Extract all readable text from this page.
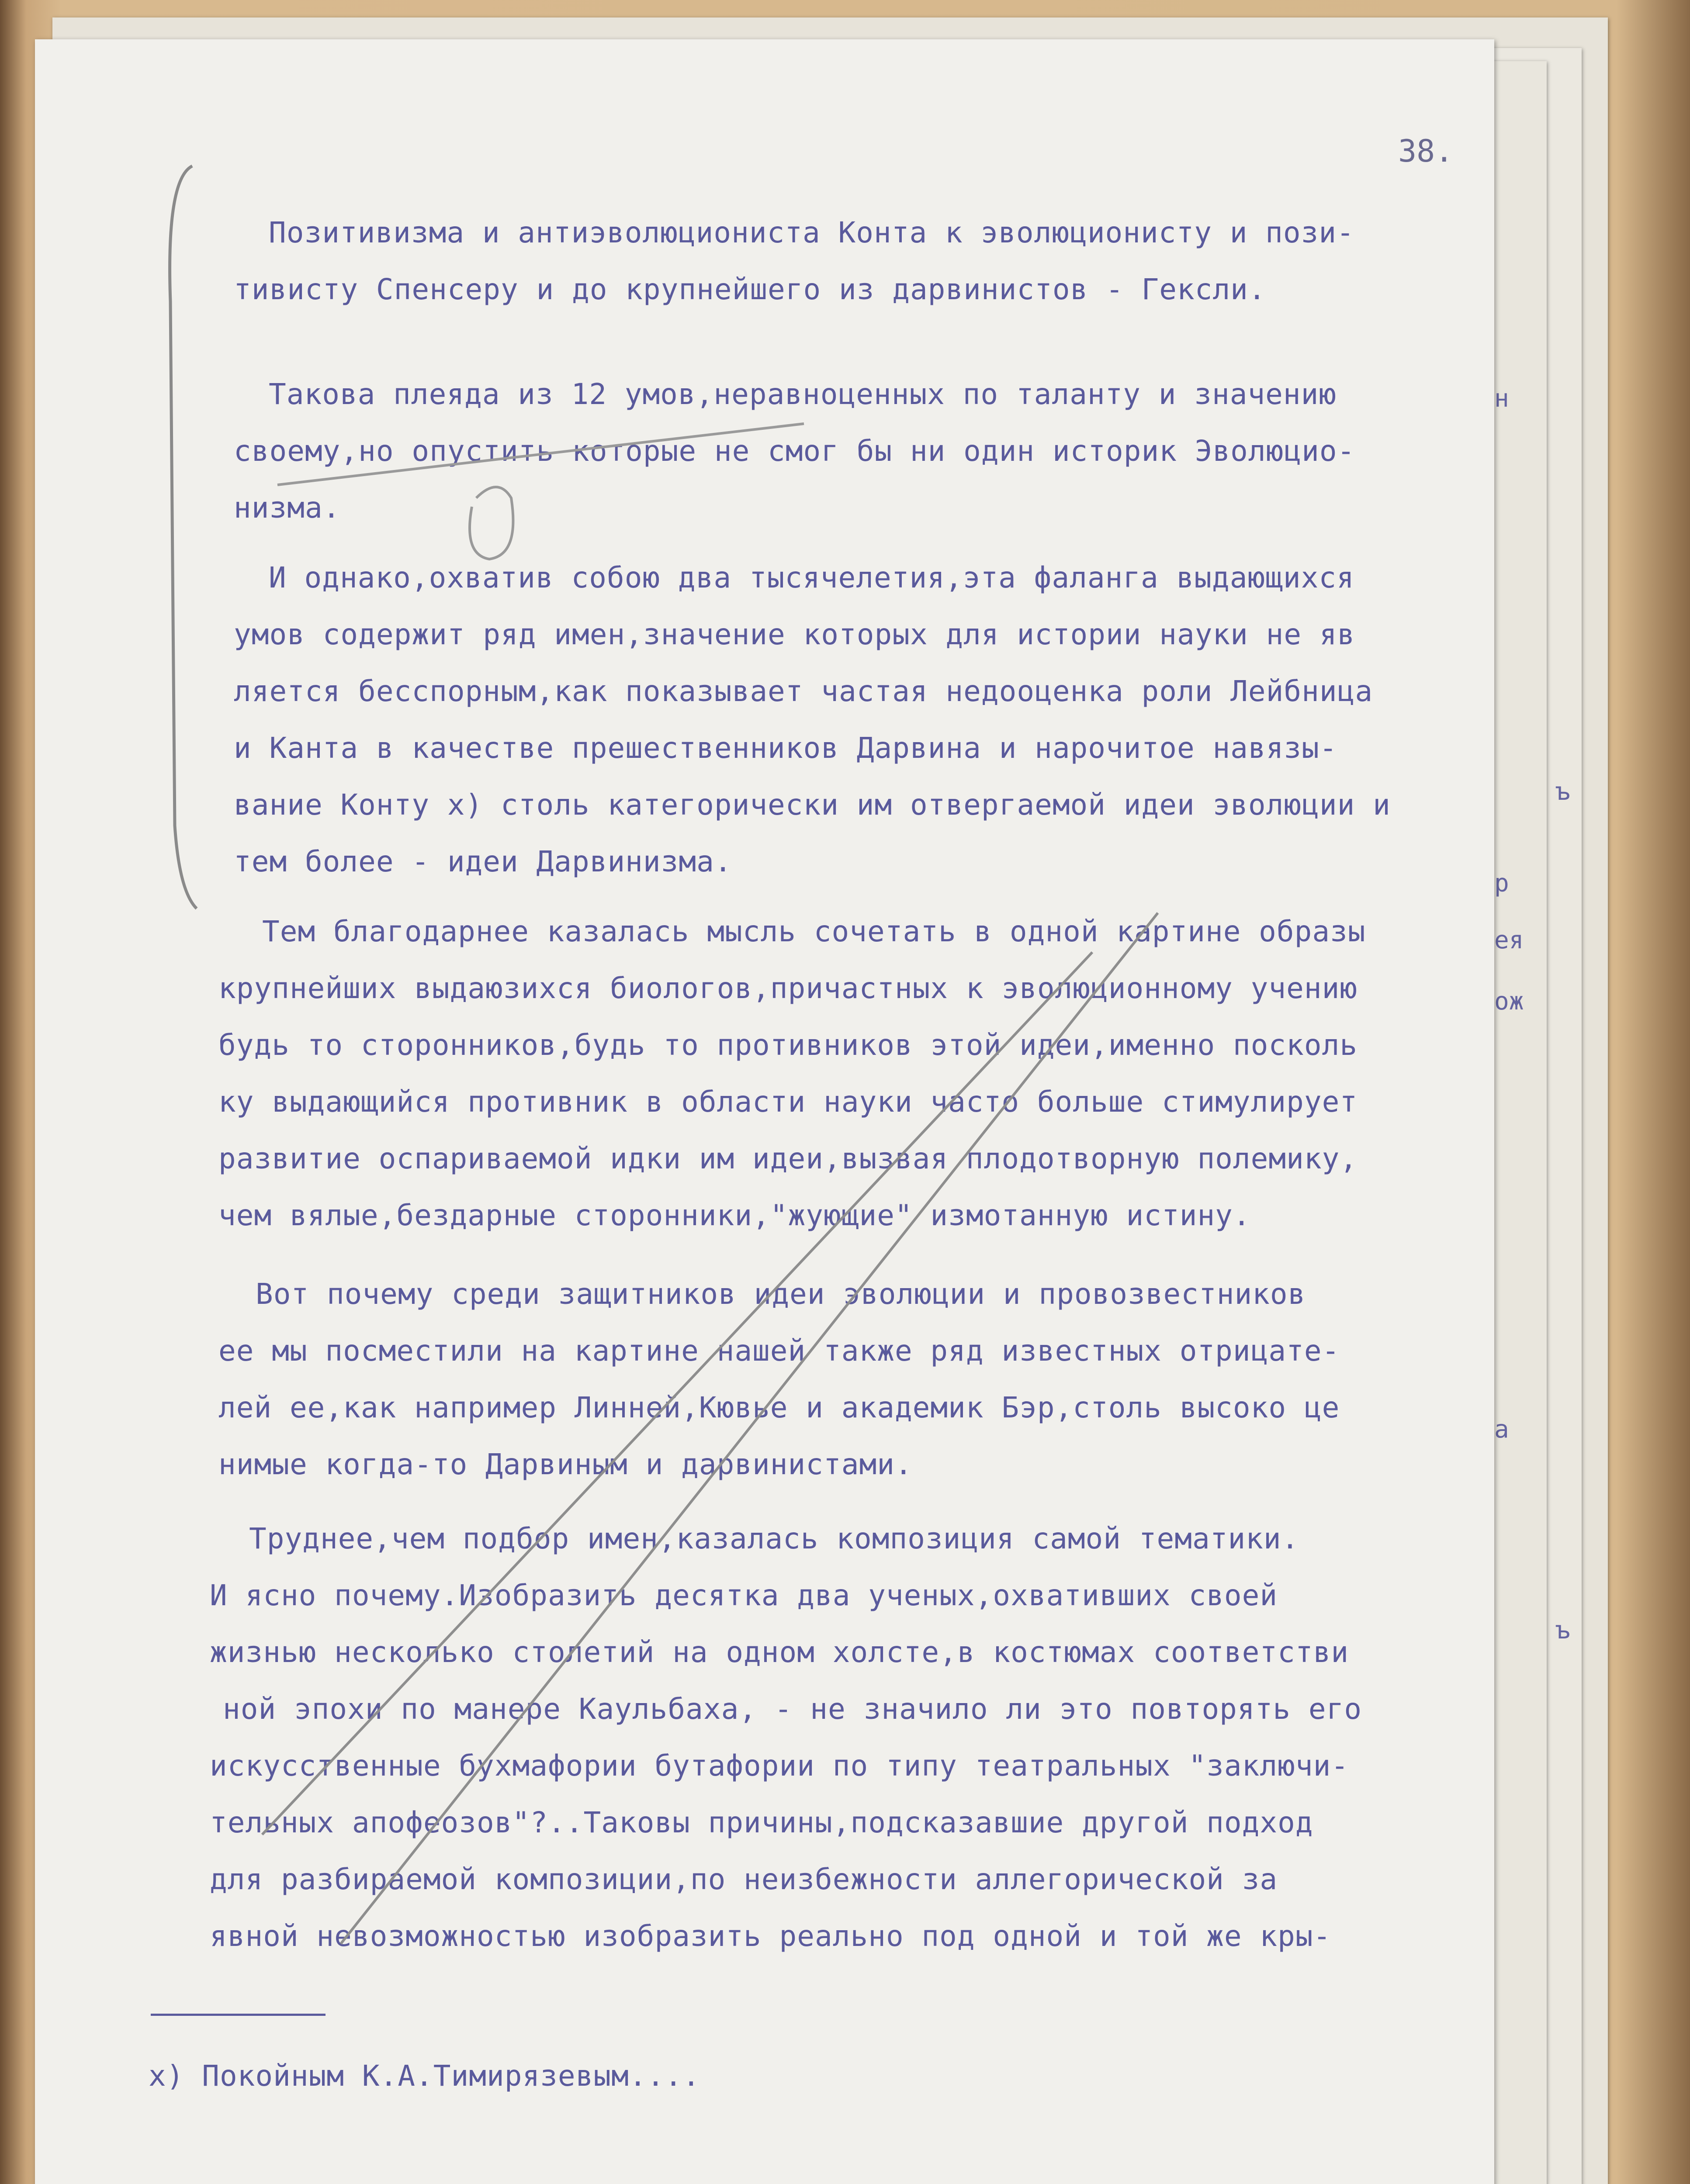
н
ъ
р
ея
ож
а
ъ
38.
Позитивизма и антиэволюциониста Конта к эволюционисту и пози-
тивисту Спенсеру и до крупнейшего из дарвинистов - Гексли.
Такова плеяда из 12 умов,неравноценных по таланту и значению
своему,но опустить которые не смог бы ни один историк Эволюцио-
низма.
И однако,охватив собою два тысячелетия,эта фаланга выдающихся
умов содержит ряд имен,значение которых для истории науки не яв
ляется бесспорным,как показывает частая недооценка роли Лейбница
и Канта в качестве прешественников Дарвина и нарочитое навязы-
вание Конту х) столь категорически им отвергаемой идеи эволюции и
тем более - идеи Дарвинизма.
Тем благодарнее казалась мысль сочетать в одной картине образы
крупнейших выдаюзихся биологов,причастных к эволюционному учению
будь то сторонников,будь то противников этой идеи,именно посколь
ку выдающийся противник в области науки часто больше стимулирует
развитие оспариваемой идки им идеи,вызвая плодотворную полемику,
чем вялые,бездарные сторонники,"жующие" измотанную истину.
Вот почему среди защитников идеи эволюции и провозвестников
ее мы посместили на картине нашей также ряд известных отрицате-
лей ее,как например Линней,Кювье и академик Бэр,столь высоко це
нимые когда-то Дарвиным и дарвинистами.
Труднее,чем подбор имен,казалась композиция самой тематики.
И ясно почему.Изобразить десятка два ученых,охвативших своей
жизнью несколько столетий на одном холсте,в костюмах соответстви
ной эпохи по манере Каульбаха, - не значило ли это повторять его
искусственные бухмафории бутафории по типу театральных "заключи-
тельных апофеозов"?..Таковы причины,подсказавшие другой подход
для разбираемой композиции,по неизбежности аллегорической за
явной невозможностью изобразить реально под одной и той же кры-
х) Покойным К.А.Тимирязевым....
